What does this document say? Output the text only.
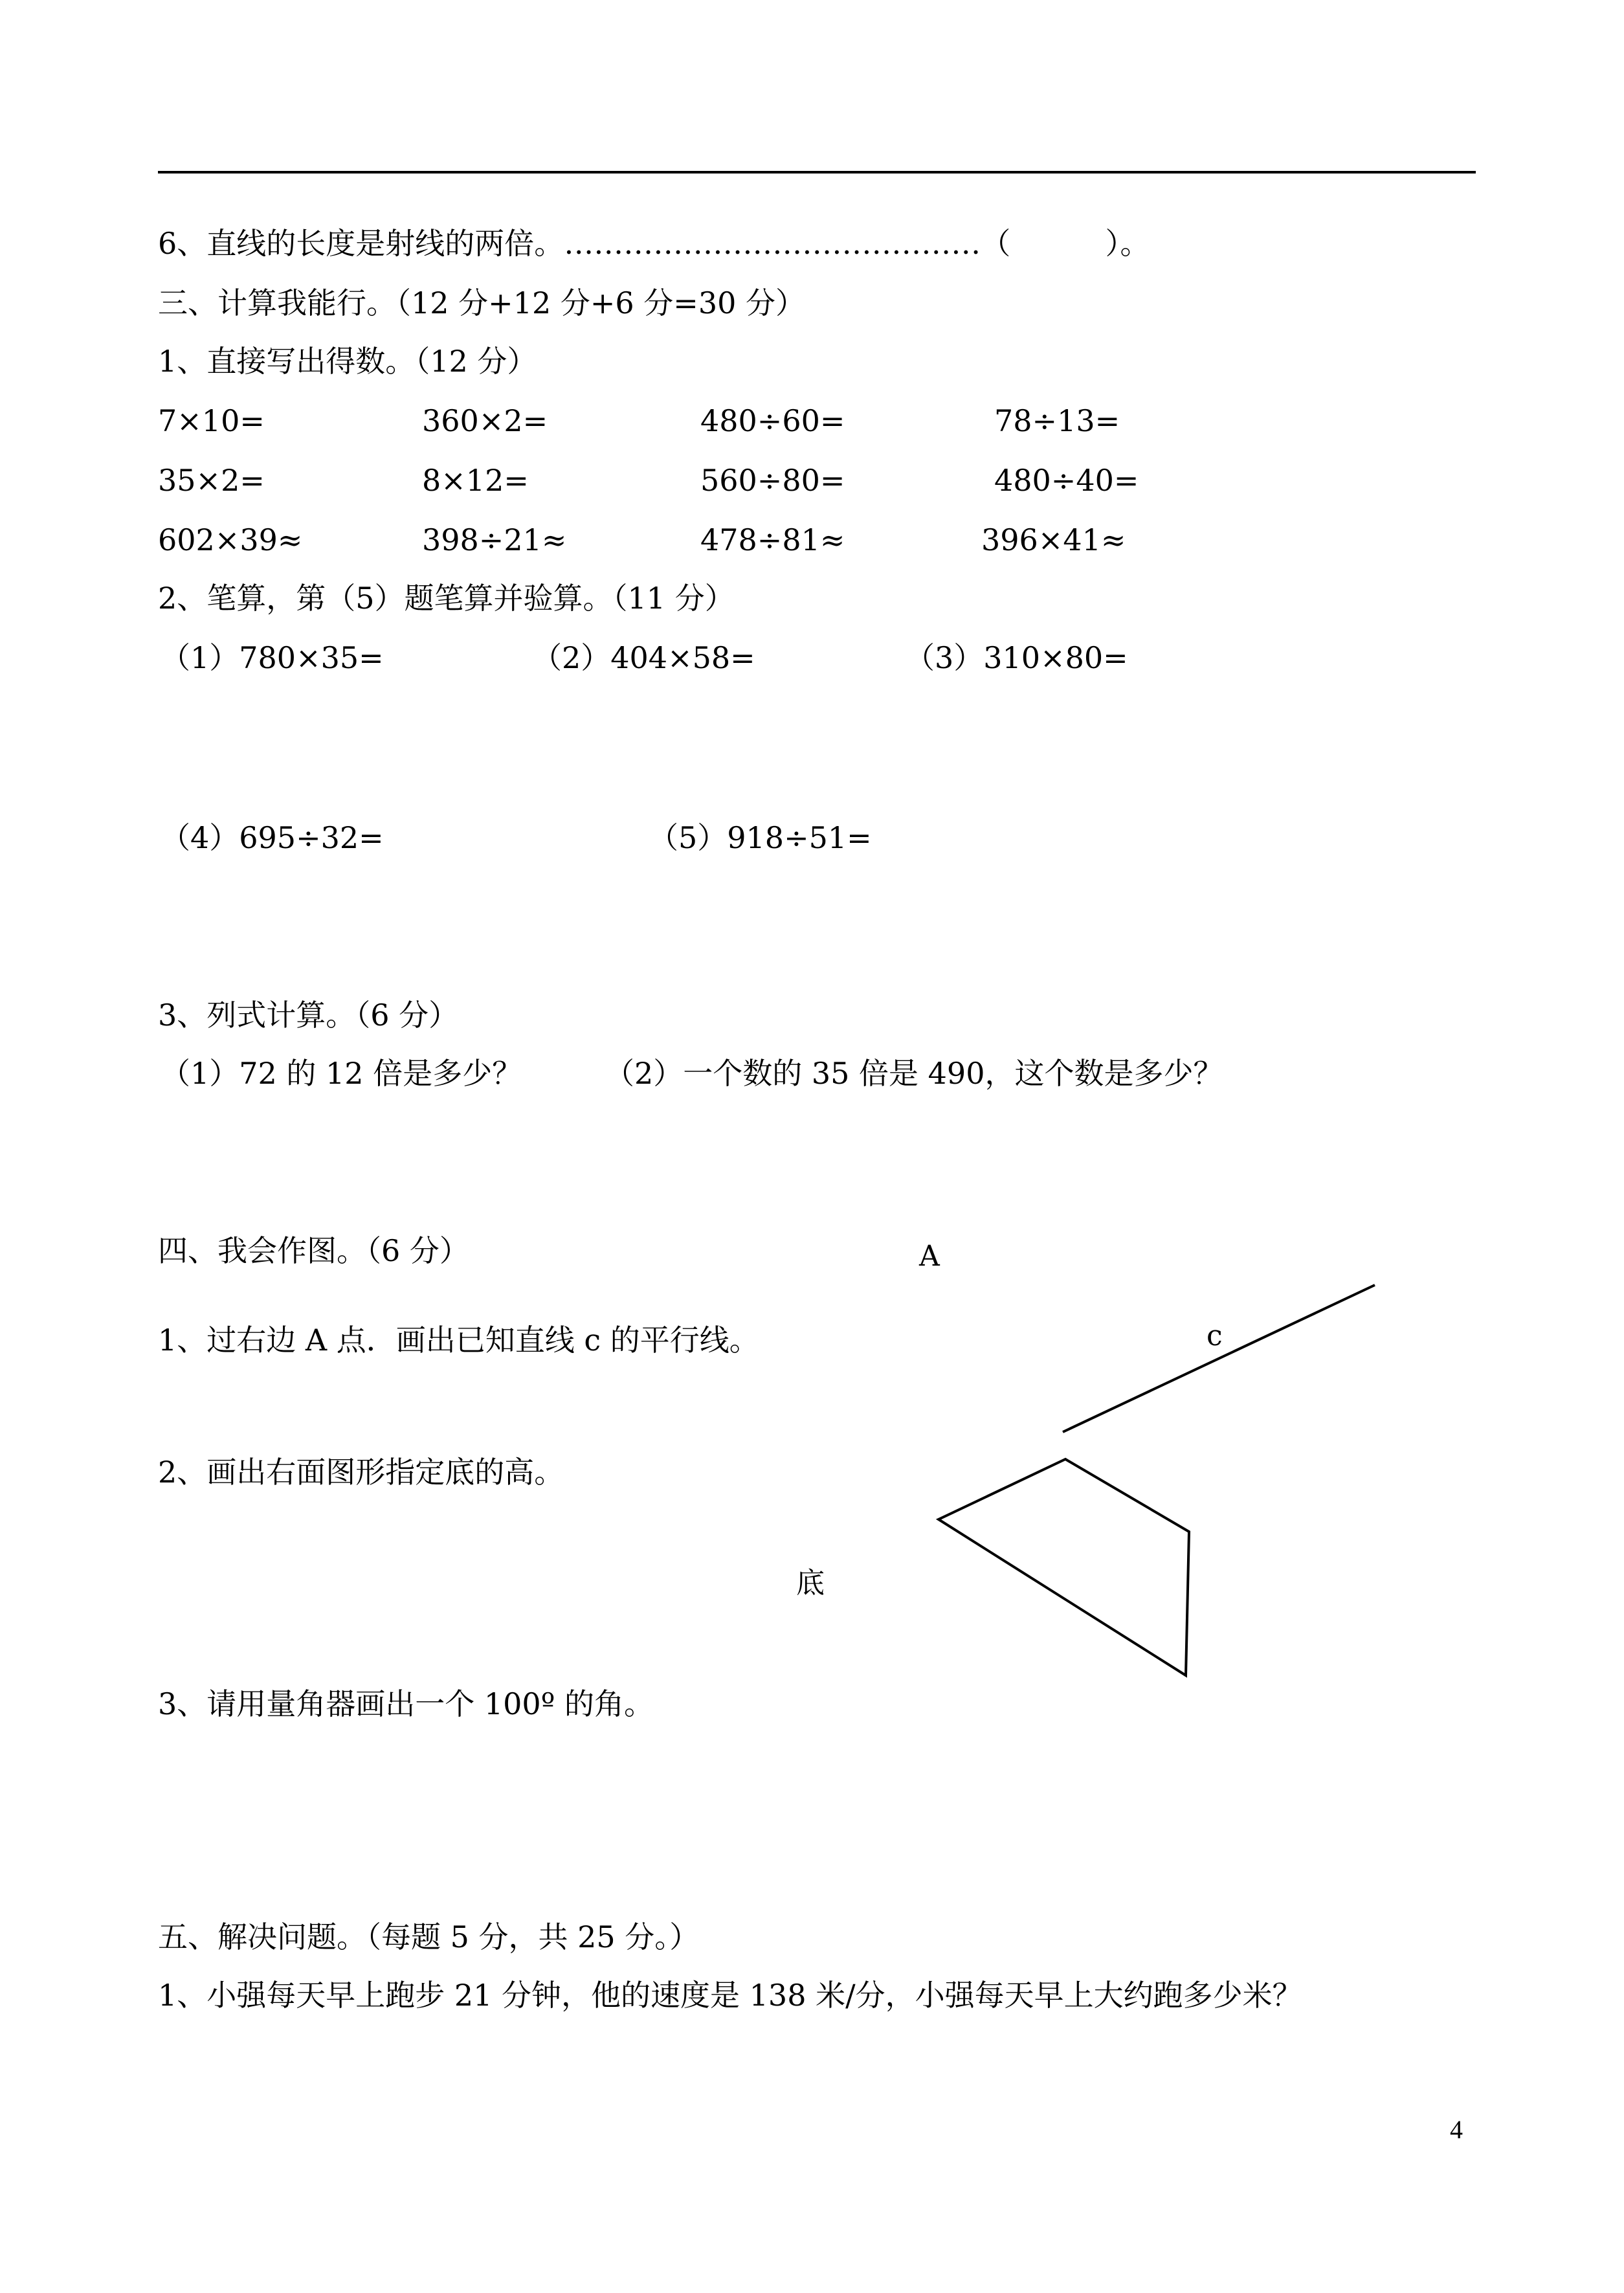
6、直线的长度是射线的两倍。……………………………………（          ）。
三、计算我能行。（12 分+12 分+6 分=30 分）
1、直接写出得数。（12 分）
7×10=	360×2=	480÷60=	78÷13=
35×2=	8×12=	560÷80=	480÷40=
602×39≈	398÷21≈	478÷81≈	396×41≈
2、笔算，第（5）题笔算并验算。（11 分）
（1）780×35=	（2）404×58=	（3）310×80=
（4）695÷32=	（5）918÷51=
3、列式计算。（6 分）
（1）72 的 12 倍是多少？	（2）一个数的 35 倍是 490，这个数是多少？
四、我会作图。（6 分）
1、过右边 A 点．画出已知直线 c 的平行线。
2、画出右面图形指定底的高。
3、请用量角器画出一个 100º 的角。
A
c
底
五、解决问题。（每题 5 分，共 25 分。）
1、小强每天早上跑步 21 分钟，他的速度是 138 米/分，小强每天早上大约跑多少米？
4
